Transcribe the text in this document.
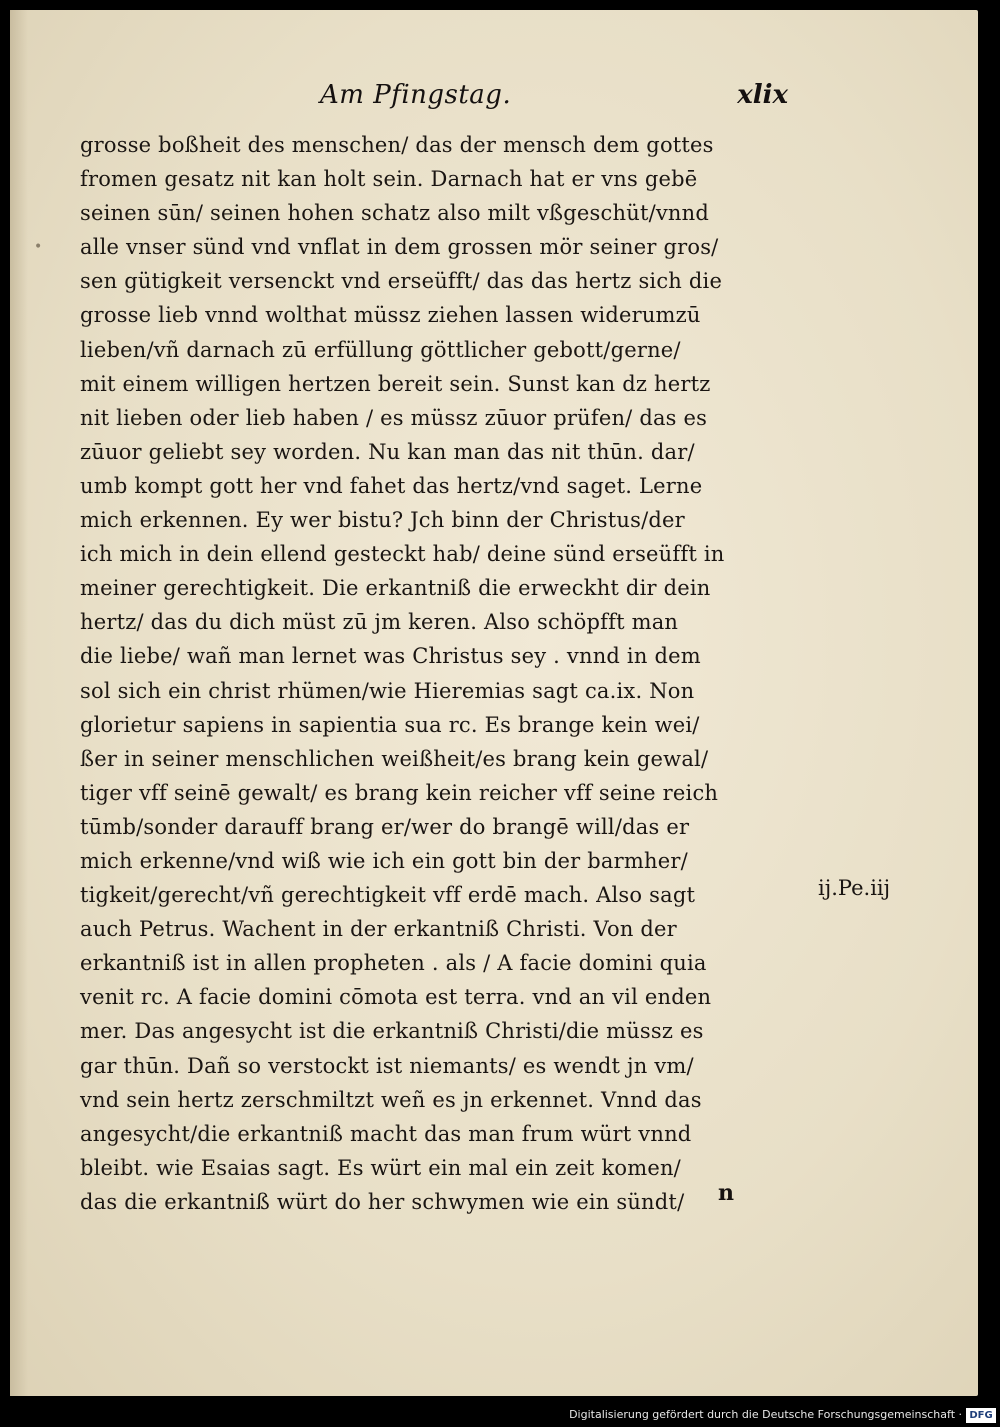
•
Am Pfingstag.	xlix
grosse boßheit des menschen/ das der mensch dem gottes
fromen gesatz nit kan holt sein. Darnach hat er vns gebē
seinen sūn/ seinen hohen schatz also milt vßgeschüt/vnnd
alle vnser sünd vnd vnflat in dem grossen mör seiner gros/
sen gütigkeit versenckt vnd erseüfft/ das das hertz sich die
grosse lieb vnnd wolthat müssz ziehen lassen widerumzū
lieben/vñ darnach zū erfüllung göttlicher gebott/gerne/
mit einem willigen hertzen bereit sein. Sunst kan dz hertz
nit lieben oder lieb haben / es müssz zūuor prüfen/ das es
zūuor geliebt sey worden. Nu kan man das nit thūn. dar/
umb kompt gott her vnd fahet das hertz/vnd saget. Lerne
mich erkennen. Ey wer bistu? Jch binn der Christus/der
ich mich in dein ellend gesteckt hab/ deine sünd erseüfft in
meiner gerechtigkeit. Die erkantniß die erweckht dir dein
hertz/ das du dich müst zū jm keren. Also schöpfft man
die liebe/ wañ man lernet was Christus sey . vnnd in dem
sol sich ein christ rhümen/wie Hieremias sagt ca.ix. Non
glorietur sapiens in sapientia sua rc. Es brange kein wei/
ßer in seiner menschlichen weißheit/es brang kein gewal/
tiger vff seinē gewalt/ es brang kein reicher vff seine reich
tūmb/sonder darauff brang er/wer do brangē will/das er
mich erkenne/vnd wiß wie ich ein gott bin der barmher/
tigkeit/gerecht/vñ gerechtigkeit vff erdē mach. Also sagt
auch Petrus. Wachent in der erkantniß Christi. Von der
erkantniß ist in allen propheten . als / A facie domini quia
venit rc. A facie domini cōmota est terra. vnd an vil enden
mer. Das angesycht ist die erkantniß Christi/die müssz es
gar thūn. Dañ so verstockt ist niemants/ es wendt jn vm/
vnd sein hertz zerschmiltzt weñ es jn erkennet. Vnnd das
angesycht/die erkantniß macht das man frum würt vnnd
bleibt. wie Esaias sagt. Es würt ein mal ein zeit komen/
das die erkantniß würt do her schwymen wie ein sündt/
ij.Pe.iij
n
Digitalisierung gefördert durch die Deutsche Forschungsgemeinschaft · DFG
